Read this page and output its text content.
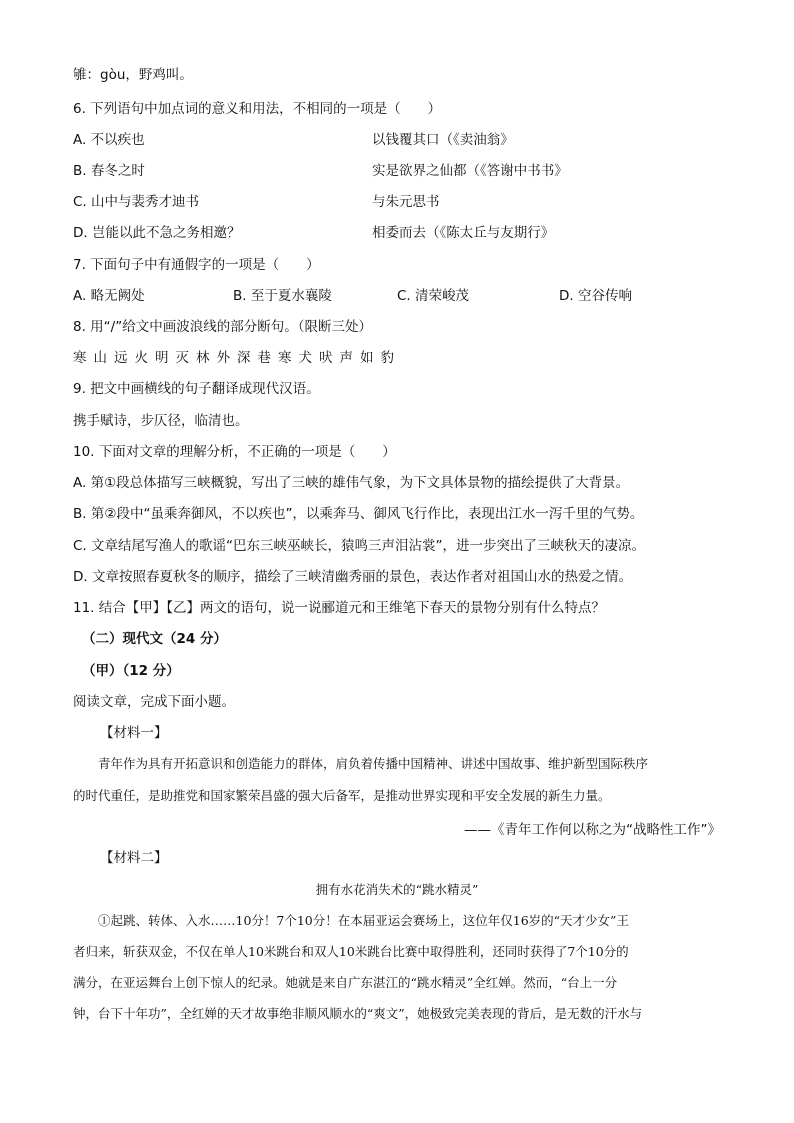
雊：gòu，野鸡叫。
6. 下列语句中加点词的意义和用法，不相同的一项是（　　）
A. 不以疾也	以钱覆其口（《卖油翁》
B. 春冬之时	实是欲界之仙都（《答谢中书书》
C. 山中与裴秀才迪书	与朱元思书
D. 岂能以此不急之务相邀？	相委而去（《陈太丘与友期行》
7. 下面句子中有通假字的一项是（　　）
A. 略无阙处	B. 至于夏水襄陵	C. 清荣峻茂	D. 空谷传响
8. 用“/”给文中画波浪线的部分断句。（限断三处）
寒山远火明灭林外深巷寒犬吠声如豹
9. 把文中画横线的句子翻译成现代汉语。
携手赋诗，步仄径，临清也。
10. 下面对文章的理解分析，不正确的一项是（　　）
A. 第①段总体描写三峡概貌，写出了三峡的雄伟气象，为下文具体景物的描绘提供了大背景。
B. 第②段中“虽乘奔御风，不以疾也”，以乘奔马、御风飞行作比，表现出江水一泻千里的气势。
C. 文章结尾写渔人的歌谣“巴东三峡巫峡长，猿鸣三声泪沾裳”，进一步突出了三峡秋天的凄凉。
D. 文章按照春夏秋冬的顺序，描绘了三峡清幽秀丽的景色，表达作者对祖国山水的热爱之情。
11. 结合【甲】【乙】两文的语句，说一说郦道元和王维笔下春天的景物分别有什么特点？
（二）现代文（24 分）
（甲）（12 分）
阅读文章，完成下面小题。
【材料一】
青年作为具有开拓意识和创造能力的群体，肩负着传播中国精神、讲述中国故事、维护新型国际秩序
的时代重任，是助推党和国家繁荣昌盛的强大后备军，是推动世界实现和平安全发展的新生力量。
——《青年工作何以称之为“战略性工作”》
【材料二】
拥有水花消失术的“跳水精灵”
①起跳、转体、入水……10分！7个10分！在本届亚运会赛场上，这位年仅16岁的“天才少女”王
者归来，斩获双金，不仅在单人10米跳台和双人10米跳台比赛中取得胜利，还同时获得了7个10分的
满分，在亚运舞台上创下惊人的纪录。她就是来自广东湛江的“跳水精灵”全红婵。然而，“台上一分
钟，台下十年功”，全红婵的天才故事绝非顺风顺水的“爽文”，她极致完美表现的背后，是无数的汗水与
